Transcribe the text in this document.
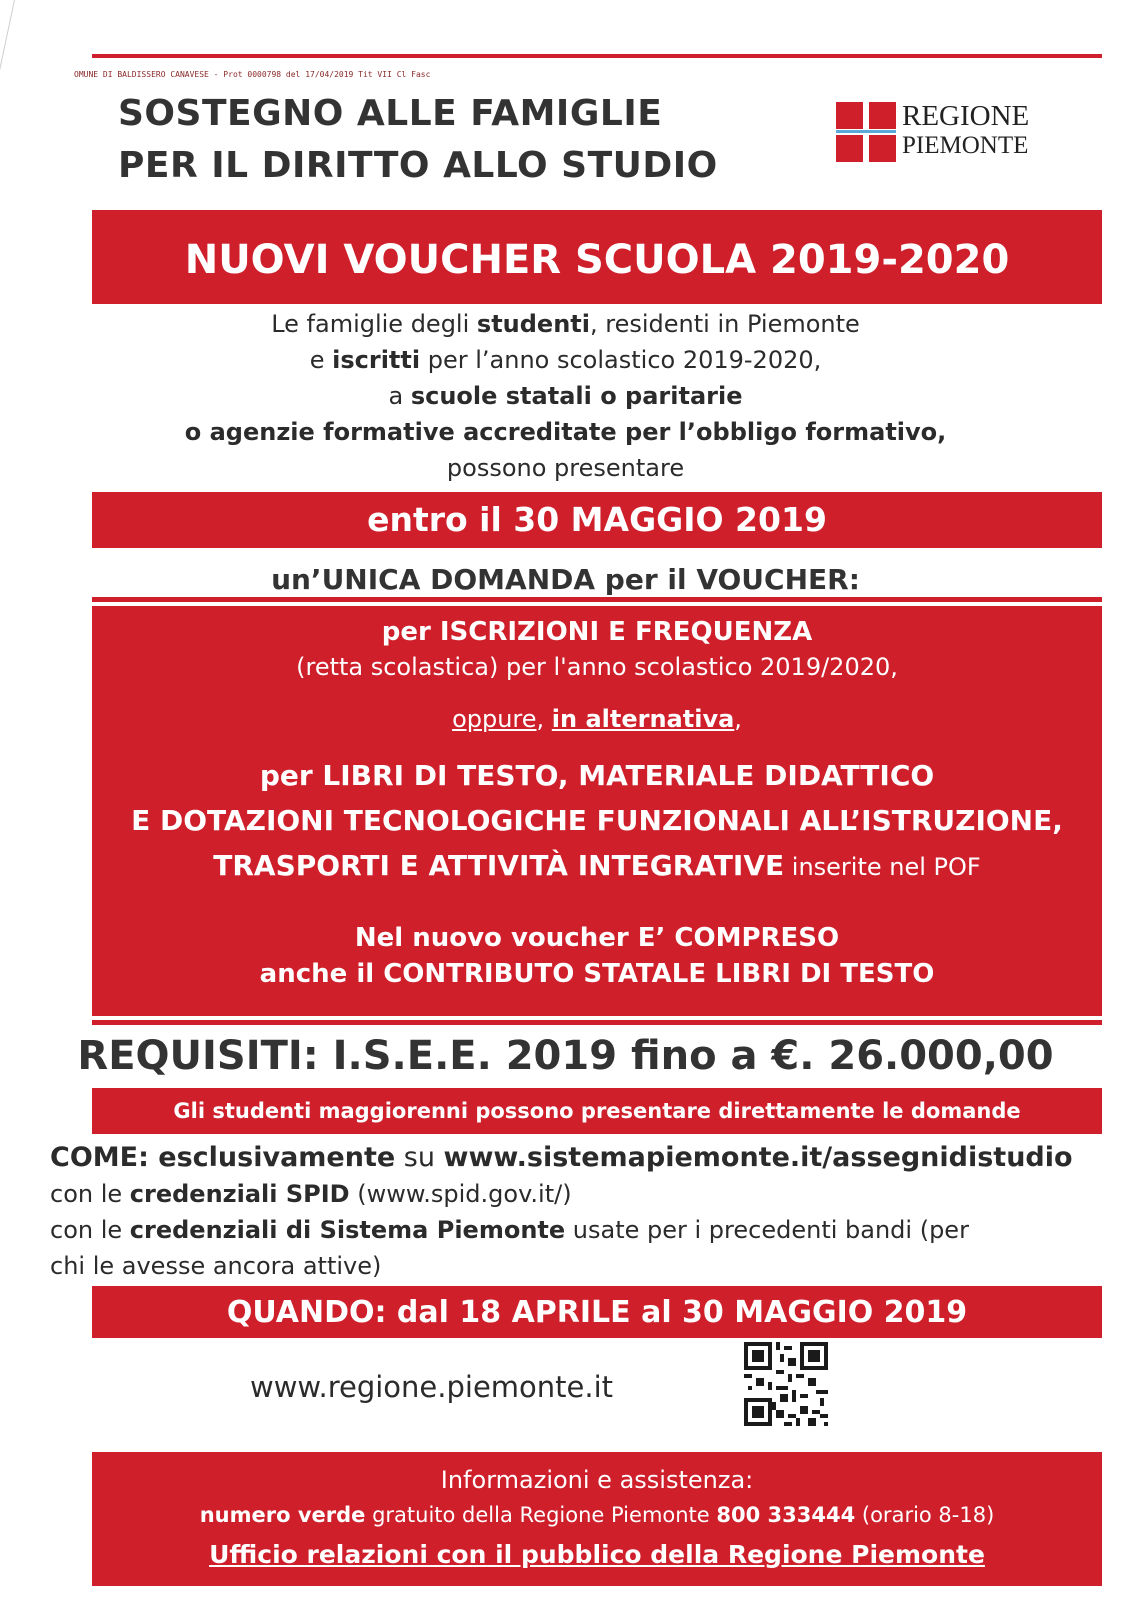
OMUNE DI BALDISSERO CANAVESE - Prot 0000798 del 17/04/2019 Tit VII Cl Fasc
SOSTEGNO ALLE FAMIGLIE
PER IL DIRITTO ALLO STUDIO
REGIONE
PIEMONTE
NUOVI VOUCHER SCUOLA 2019-2020
Le famiglie degli studenti, residenti in Piemonte
e iscritti per l’anno scolastico 2019-2020,
a scuole statali o paritarie
o agenzie formative accreditate per l’obbligo formativo,
possono presentare
entro il 30 MAGGIO 2019
un’UNICA DOMANDA per il VOUCHER:
per ISCRIZIONI E FREQUENZA
(retta scolastica) per l'anno scolastico 2019/2020,
oppure, in alternativa,
per LIBRI DI TESTO, MATERIALE DIDATTICO
E DOTAZIONI TECNOLOGICHE FUNZIONALI ALL’ISTRUZIONE,
TRASPORTI E ATTIVITÀ INTEGRATIVE inserite nel POF
Nel nuovo voucher E’ COMPRESO
anche il CONTRIBUTO STATALE LIBRI DI TESTO
REQUISITI: I.S.E.E. 2019 fino a €. 26.000,00
Gli studenti maggiorenni possono presentare direttamente le domande
COME: esclusivamente su www.sistemapiemonte.it/assegnidistudio
con le credenziali SPID (www.spid.gov.it/)
con le credenziali di Sistema Piemonte usate per i precedenti bandi (per
chi le avesse ancora attive)
QUANDO: dal 18 APRILE al 30 MAGGIO 2019
www.regione.piemonte.it
Informazioni e assistenza:
numero verde gratuito della Regione Piemonte 800 333444 (orario 8-18)
Ufficio relazioni con il pubblico della Regione Piemonte
